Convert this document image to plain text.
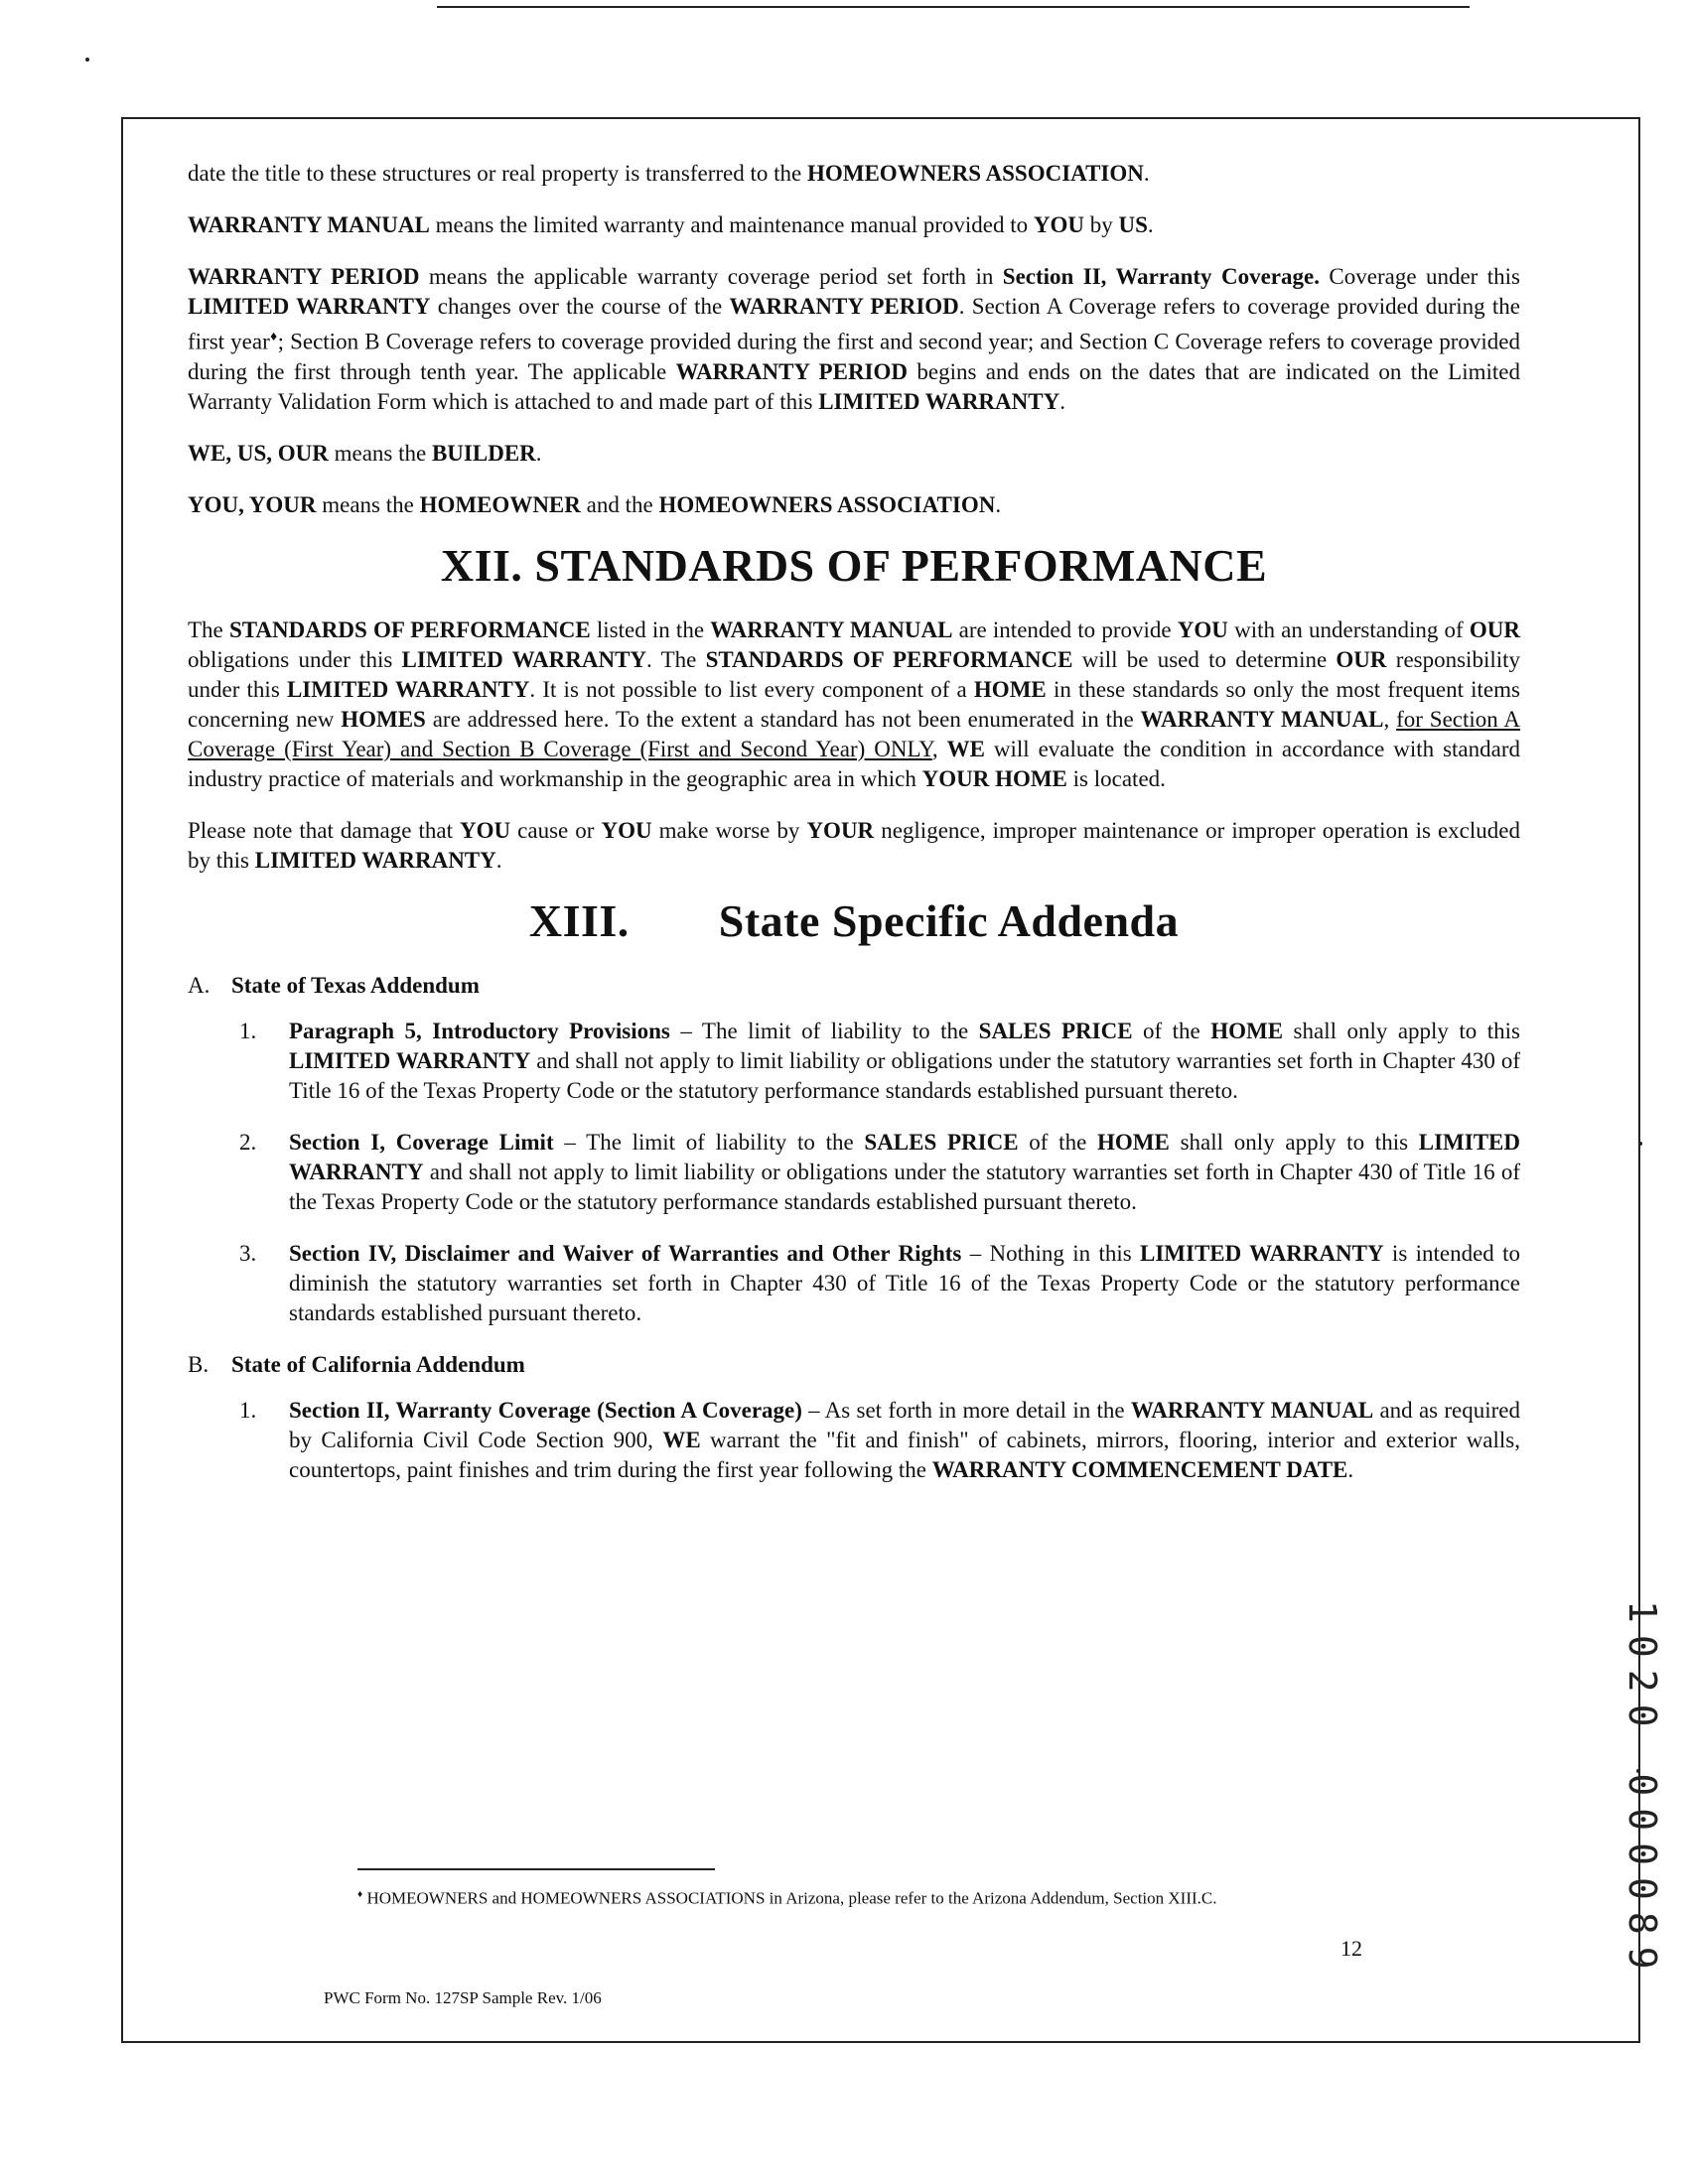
date the title to these structures or real property is transferred to the HOMEOWNERS ASSOCIATION.

WARRANTY MANUAL means the limited warranty and maintenance manual provided to YOU by US.

WARRANTY PERIOD means the applicable warranty coverage period set forth in Section II, Warranty Coverage. Coverage under this LIMITED WARRANTY changes over the course of the WARRANTY PERIOD. Section A Coverage refers to coverage provided during the first year♦; Section B Coverage refers to coverage provided during the first and second year; and Section C Coverage refers to coverage provided during the first through tenth year. The applicable WARRANTY PERIOD begins and ends on the dates that are indicated on the Limited Warranty Validation Form which is attached to and made part of this LIMITED WARRANTY.

WE, US, OUR means the BUILDER.

YOU, YOUR means the HOMEOWNER and the HOMEOWNERS ASSOCIATION.

XII. STANDARDS OF PERFORMANCE

The STANDARDS OF PERFORMANCE listed in the WARRANTY MANUAL are intended to provide YOU with an understanding of OUR obligations under this LIMITED WARRANTY. The STANDARDS OF PERFORMANCE will be used to determine OUR responsibility under this LIMITED WARRANTY. It is not possible to list every component of a HOME in these standards so only the most frequent items concerning new HOMES are addressed here. To the extent a standard has not been enumerated in the WARRANTY MANUAL, for Section A Coverage (First Year) and Section B Coverage (First and Second Year) ONLY, WE will evaluate the condition in accordance with standard industry practice of materials and workmanship in the geographic area in which YOUR HOME is located.

Please note that damage that YOU cause or YOU make worse by YOUR negligence, improper maintenance or improper operation is excluded by this LIMITED WARRANTY.

XIII. State Specific Addenda

A. State of Texas Addendum

1.	Paragraph 5, Introductory Provisions – The limit of liability to the SALES PRICE of the HOME shall only apply to this LIMITED WARRANTY and shall not apply to limit liability or obligations under the statutory warranties set forth in Chapter 430 of Title 16 of the Texas Property Code or the statutory performance standards established pursuant thereto.

2.	Section I, Coverage Limit – The limit of liability to the SALES PRICE of the HOME shall only apply to this LIMITED WARRANTY and shall not apply to limit liability or obligations under the statutory warranties set forth in Chapter 430 of Title 16 of the Texas Property Code or the statutory performance standards established pursuant thereto.

3.	Section IV, Disclaimer and Waiver of Warranties and Other Rights – Nothing in this LIMITED WARRANTY is intended to diminish the statutory warranties set forth in Chapter 430 of Title 16 of the Texas Property Code or the statutory performance standards established pursuant thereto.

B. State of California Addendum

1.	Section II, Warranty Coverage (Section A Coverage) – As set forth in more detail in the WARRANTY MANUAL and as required by California Civil Code Section 900, WE warrant the "fit and finish" of cabinets, mirrors, flooring, interior and exterior walls, countertops, paint finishes and trim during the first year following the WARRANTY COMMENCEMENT DATE.

♦ HOMEOWNERS and HOMEOWNERS ASSOCIATIONS in Arizona, please refer to the Arizona Addendum, Section XIII.C.
12
PWC Form No. 127SP Sample Rev. 1/06
1020 000089
